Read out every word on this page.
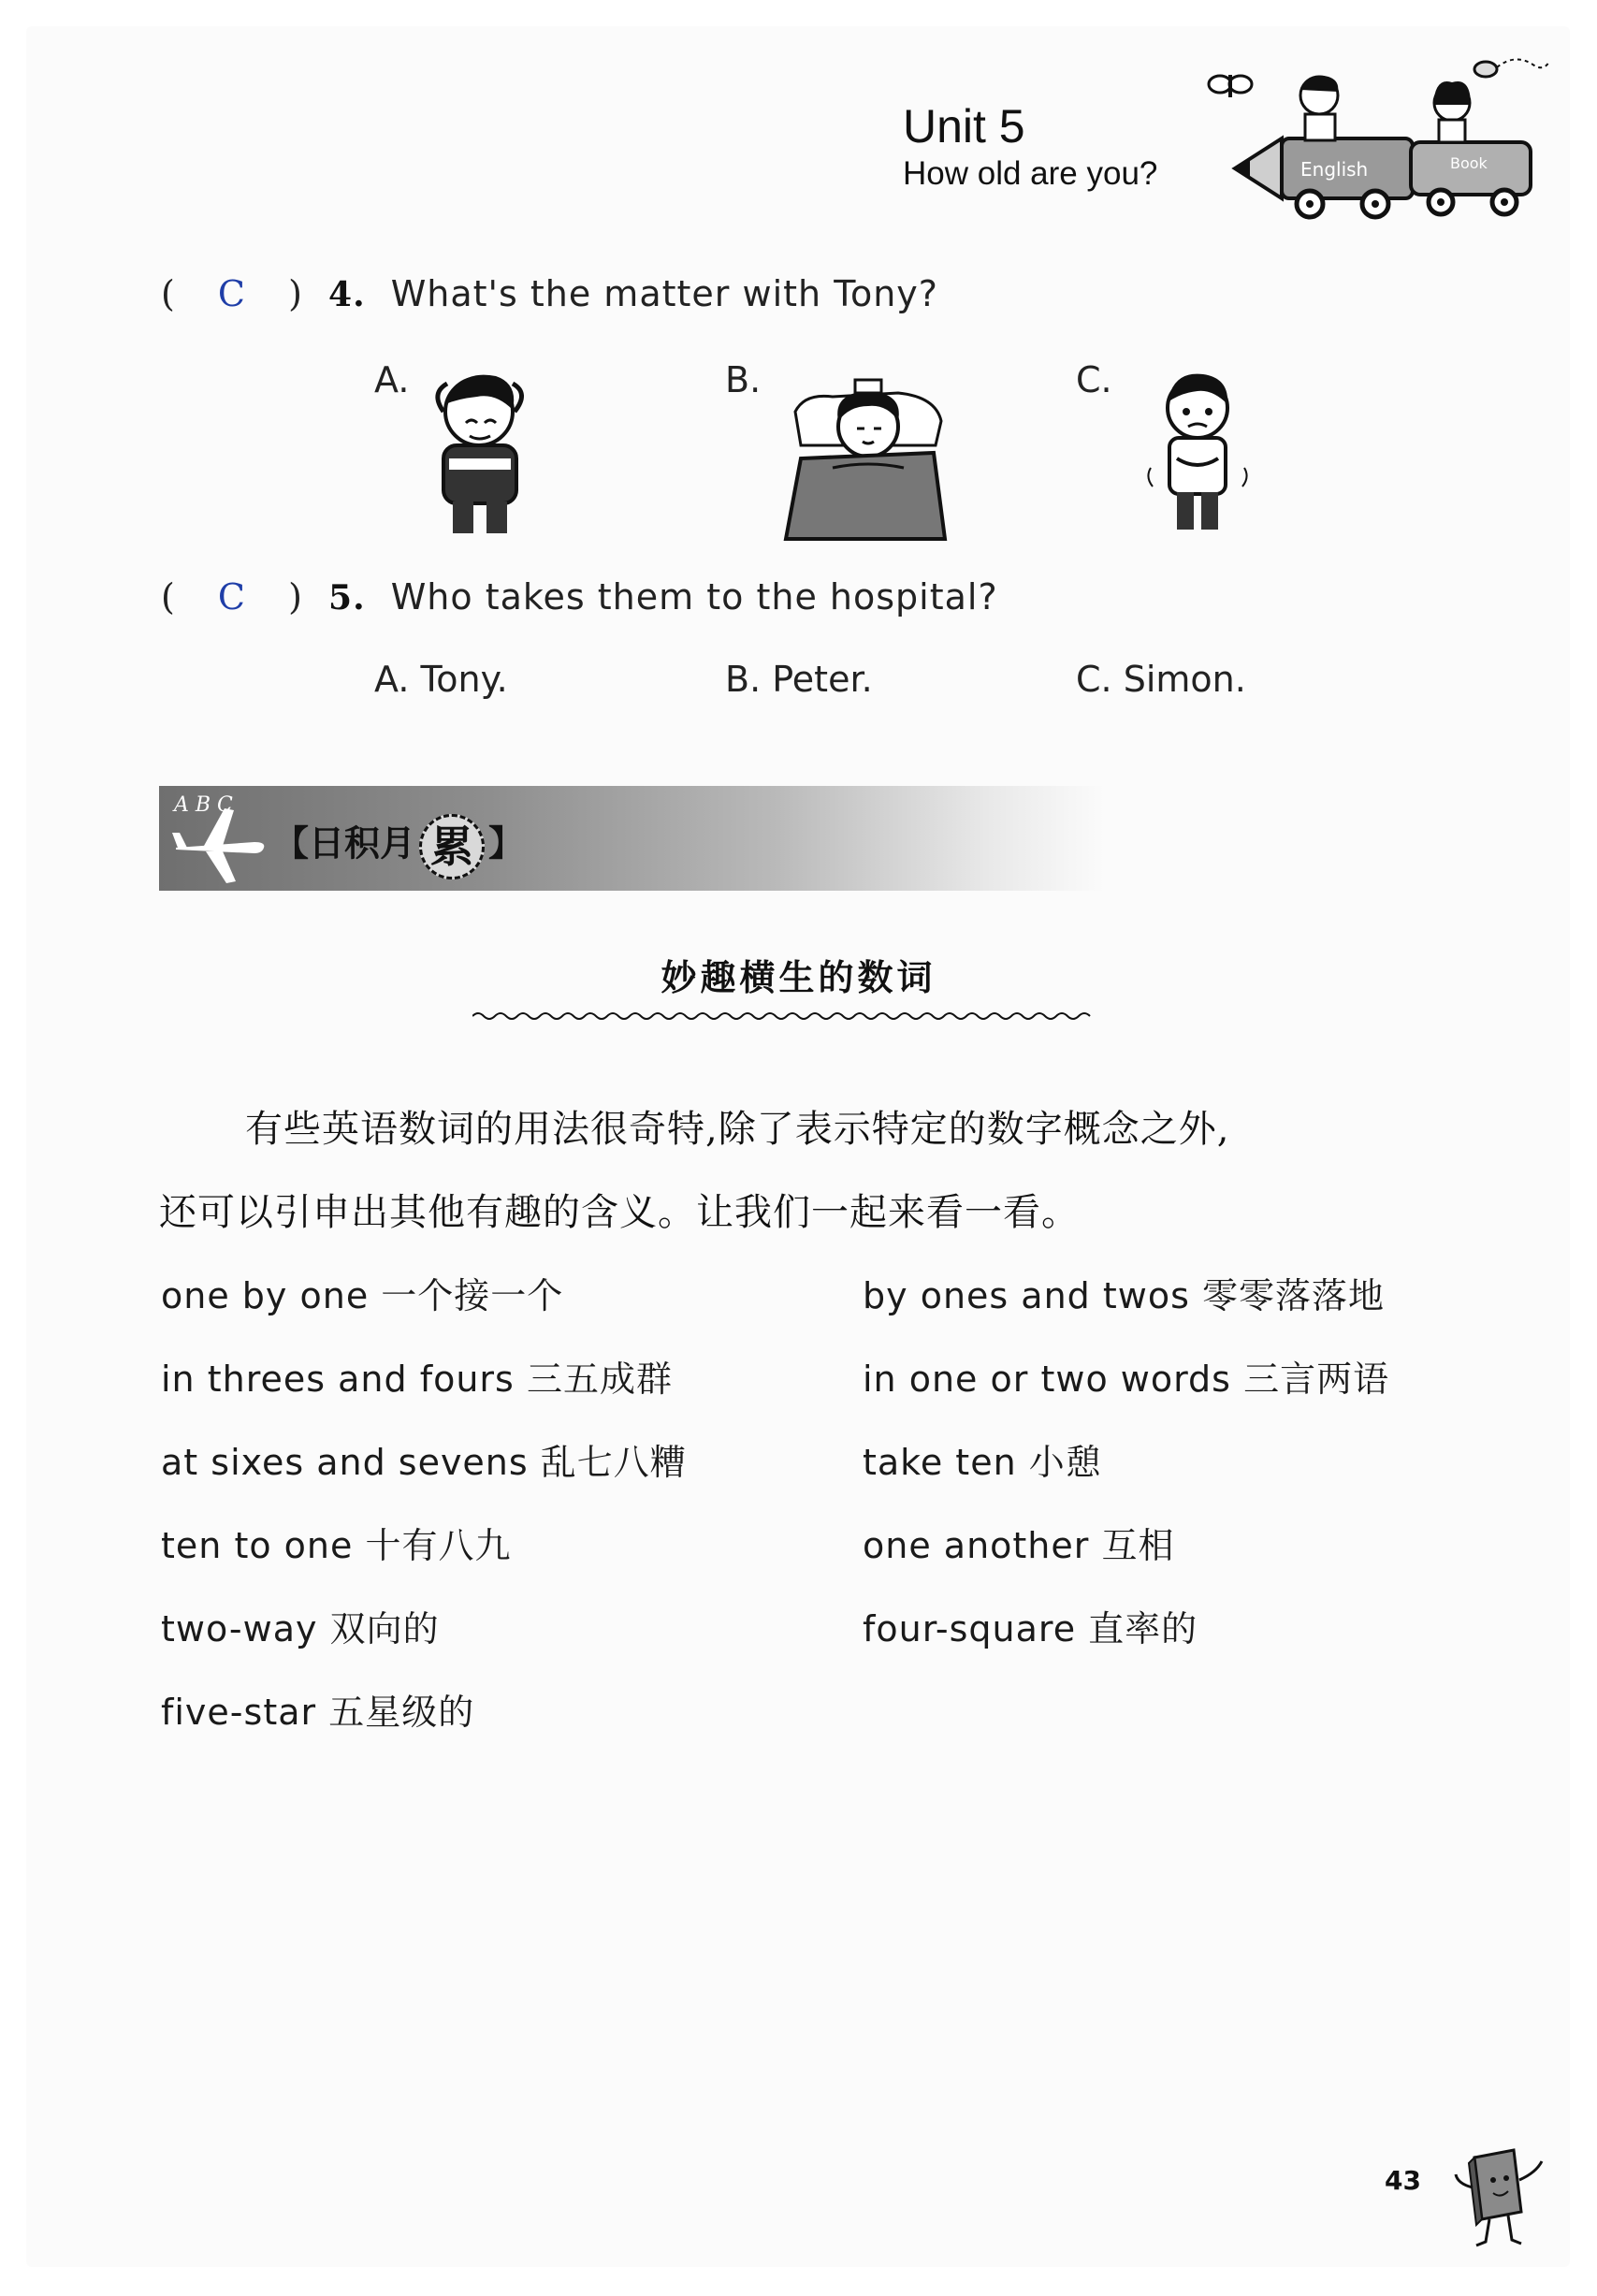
Unit 5
How old are you?	English	Book
( C ) 4. What's the matter with Tony?
A.	B.	C.
( C ) 5. Who takes them to the hospital?
A. Tony.	B. Peter.	C. Simon.
A B C
【日积月 累 】
妙趣横生的数词
有些英语数词的用法很奇特,除了表示特定的数字概念之外,
还可以引申出其他有趣的含义。让我们一起来看一看。
one by one 一个接一个
in threes and fours 三五成群
at sixes and sevens 乱七八糟
ten to one 十有八九
two-way 双向的
five-star 五星级的
by ones and twos 零零落落地
in one or two words 三言两语
take ten 小憩
one another 互相
four-square 直率的
43
